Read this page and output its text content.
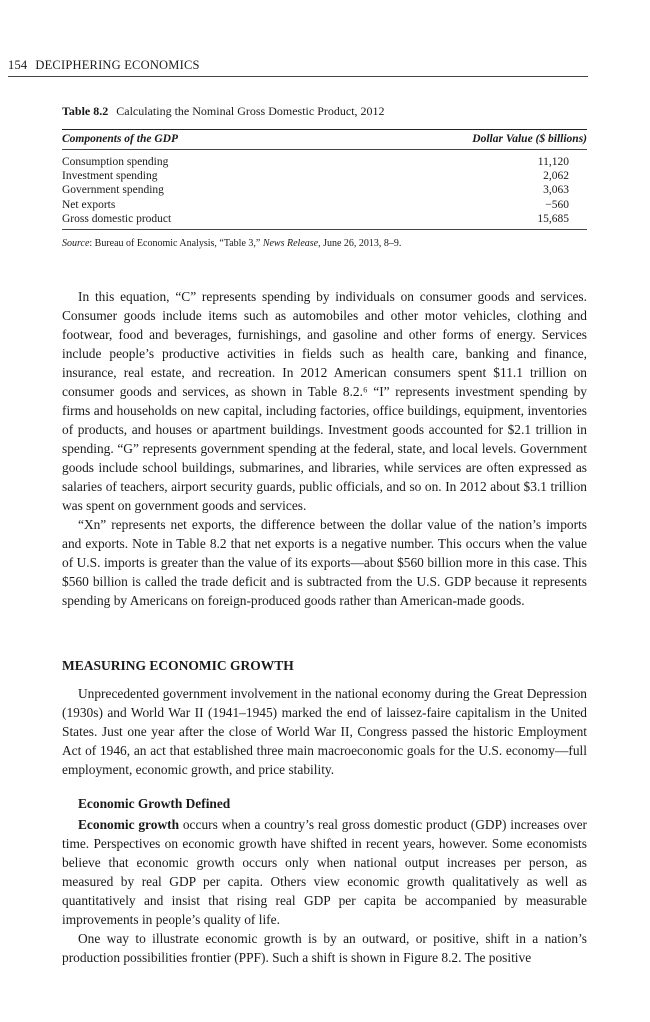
154 DECIPHERING ECONOMICS
Table 8.2 Calculating the Nominal Gross Domestic Product, 2012
Components of the GDP	Dollar Value ($ billions)
Consumption spending	11,120
Investment spending	2,062
Government spending	3,063
Net exports	−560
Gross domestic product	15,685
Source: Bureau of Economic Analysis, “Table 3,” News Release, June 26, 2013, 8–9.

In this equation, “C” represents spending by individuals on consumer goods and services. Consumer goods include items such as automobiles and other motor vehicles, clothing and footwear, food and beverages, furnishings, and gasoline and other forms of energy. Services include people’s productive activities in fields such as health care, banking and finance, insurance, real estate, and recreation. In 2012 American consumers spent $11.1 trillion on consumer goods and services, as shown in Table 8.2.⁶ “I” represents investment spending by firms and households on new capital, including factories, office buildings, equipment, inventories of products, and houses or apartment buildings. Investment goods accounted for $2.1 trillion in spending. “G” represents government spending at the federal, state, and local levels. Government goods include school buildings, submarines, and libraries, while services are often expressed as salaries of teachers, airport security guards, public officials, and so on. In 2012 about $3.1 trillion was spent on government goods and services.

“Xn” represents net exports, the difference between the dollar value of the nation’s imports and exports. Note in Table 8.2 that net exports is a negative number. This occurs when the value of U.S. imports is greater than the value of its exports—about $560 billion more in this case. This $560 billion is called the trade deficit and is subtracted from the U.S. GDP because it represents spending by Americans on foreign-produced goods rather than American-made goods.

MEASURING ECONOMIC GROWTH

Unprecedented government involvement in the national economy during the Great Depression (1930s) and World War II (1941–1945) marked the end of laissez-faire capitalism in the United States. Just one year after the close of World War II, Congress passed the historic Employment Act of 1946, an act that established three main macroeconomic goals for the U.S. economy—full employment, economic growth, and price stability.

Economic Growth Defined

Economic growth occurs when a country’s real gross domestic product (GDP) increases over time. Perspectives on economic growth have shifted in recent years, however. Some economists believe that economic growth occurs only when national output increases per person, as measured by real GDP per capita. Others view economic growth qualitatively as well as quantitatively and insist that rising real GDP per capita be accompanied by measurable improvements in people’s quality of life.

One way to illustrate economic growth is by an outward, or positive, shift in a nation’s production possibilities frontier (PPF). Such a shift is shown in Figure 8.2. The positive
